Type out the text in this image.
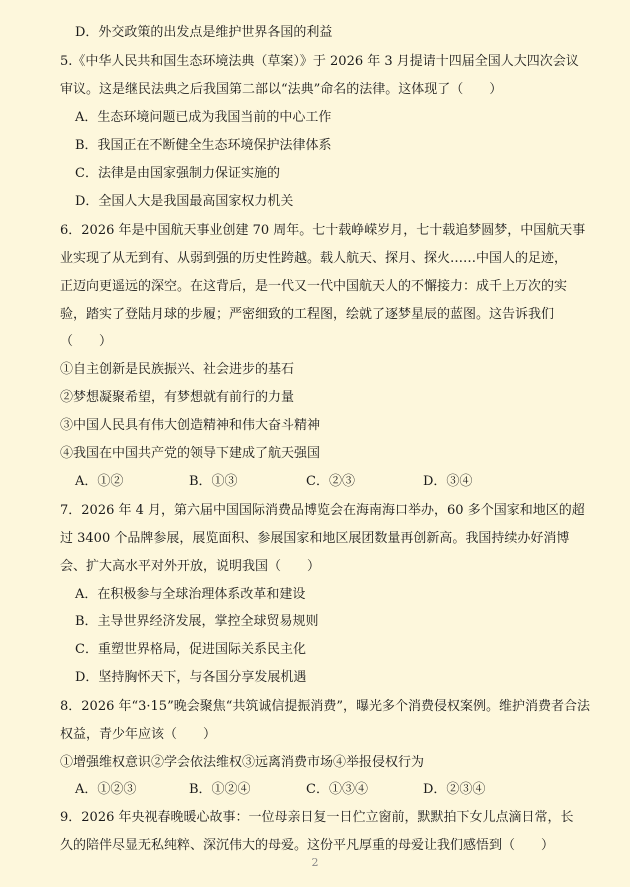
D．外交政策的出发点是维护世界各国的利益
5.《中华人民共和国生态环境法典（草案）》于 2026 年 3 月提请十四届全国人大四次会议
审议。这是继民法典之后我国第二部以“法典”命名的法律。这体现了（　　）
A．生态环境问题已成为我国当前的中心工作
B．我国正在不断健全生态环境保护法律体系
C．法律是由国家强制力保证实施的
D．全国人大是我国最高国家权力机关
6．2026 年是中国航天事业创建 70 周年。七十载峥嵘岁月，七十载追梦圆梦，中国航天事
业实现了从无到有、从弱到强的历史性跨越。载人航天、探月、探火……中国人的足迹，
正迈向更遥远的深空。在这背后，是一代又一代中国航天人的不懈接力：成千上万次的实
验，踏实了登陆月球的步履；严密细致的工程图，绘就了逐梦星辰的蓝图。这告诉我们
（　　）
①自主创新是民族振兴、社会进步的基石
②梦想凝聚希望，有梦想就有前行的力量
③中国人民具有伟大创造精神和伟大奋斗精神
④我国在中国共产党的领导下建成了航天强国
A．①②	B．①③	C．②③	D．③④
7．2026 年 4 月，第六届中国国际消费品博览会在海南海口举办，60 多个国家和地区的超
过 3400 个品牌参展，展览面积、参展国家和地区展团数量再创新高。我国持续办好消博
会、扩大高水平对外开放，说明我国（　　）
A．在积极参与全球治理体系改革和建设
B．主导世界经济发展，掌控全球贸易规则
C．重塑世界格局，促进国际关系民主化
D．坚持胸怀天下，与各国分享发展机遇
8．2026 年“3·15”晚会聚焦“共筑诚信提振消费”，曝光多个消费侵权案例。维护消费者合法
权益，青少年应该（　　）
①增强维权意识②学会依法维权③远离消费市场④举报侵权行为
A．①②③	B．①②④	C．①③④	D．②③④
9．2026 年央视春晚暖心故事：一位母亲日复一日伫立窗前，默默拍下女儿点滴日常，长
久的陪伴尽显无私纯粹、深沉伟大的母爱。这份平凡厚重的母爱让我们感悟到（　　）
2
